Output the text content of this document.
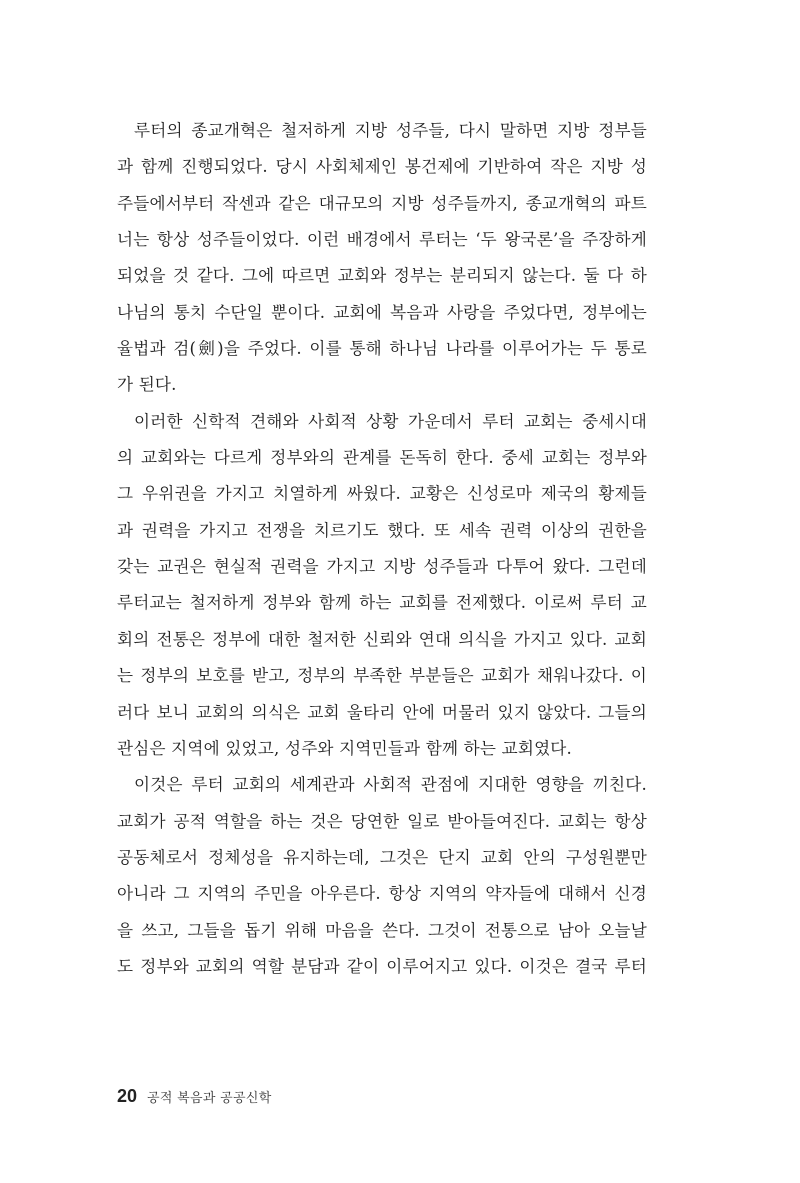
루터의 종교개혁은 철저하게 지방 성주들, 다시 말하면 지방 정부들
과 함께 진행되었다. 당시 사회체제인 봉건제에 기반하여 작은 지방 성
주들에서부터 작센과 같은 대규모의 지방 성주들까지, 종교개혁의 파트
너는 항상 성주들이었다. 이런 배경에서 루터는 ‘두 왕국론’을 주장하게
되었을 것 같다. 그에 따르면 교회와 정부는 분리되지 않는다. 둘 다 하
나님의 통치 수단일 뿐이다. 교회에 복음과 사랑을 주었다면, 정부에는
율법과 검(劍)을 주었다. 이를 통해 하나님 나라를 이루어가는 두 통로
가 된다.
이러한 신학적 견해와 사회적 상황 가운데서 루터 교회는 중세시대
의 교회와는 다르게 정부와의 관계를 돈독히 한다. 중세 교회는 정부와
그 우위권을 가지고 치열하게 싸웠다. 교황은 신성로마 제국의 황제들
과 권력을 가지고 전쟁을 치르기도 했다. 또 세속 권력 이상의 권한을
갖는 교권은 현실적 권력을 가지고 지방 성주들과 다투어 왔다. 그런데
루터교는 철저하게 정부와 함께 하는 교회를 전제했다. 이로써 루터 교
회의 전통은 정부에 대한 철저한 신뢰와 연대 의식을 가지고 있다. 교회
는 정부의 보호를 받고, 정부의 부족한 부분들은 교회가 채워나갔다. 이
러다 보니 교회의 의식은 교회 울타리 안에 머물러 있지 않았다. 그들의
관심은 지역에 있었고, 성주와 지역민들과 함께 하는 교회였다.
이것은 루터 교회의 세계관과 사회적 관점에 지대한 영향을 끼친다.
교회가 공적 역할을 하는 것은 당연한 일로 받아들여진다. 교회는 항상
공동체로서 정체성을 유지하는데, 그것은 단지 교회 안의 구성원뿐만
아니라 그 지역의 주민을 아우른다. 항상 지역의 약자들에 대해서 신경
을 쓰고, 그들을 돕기 위해 마음을 쓴다. 그것이 전통으로 남아 오늘날
도 정부와 교회의 역할 분담과 같이 이루어지고 있다. 이것은 결국 루터
20 공적 복음과 공공신학
